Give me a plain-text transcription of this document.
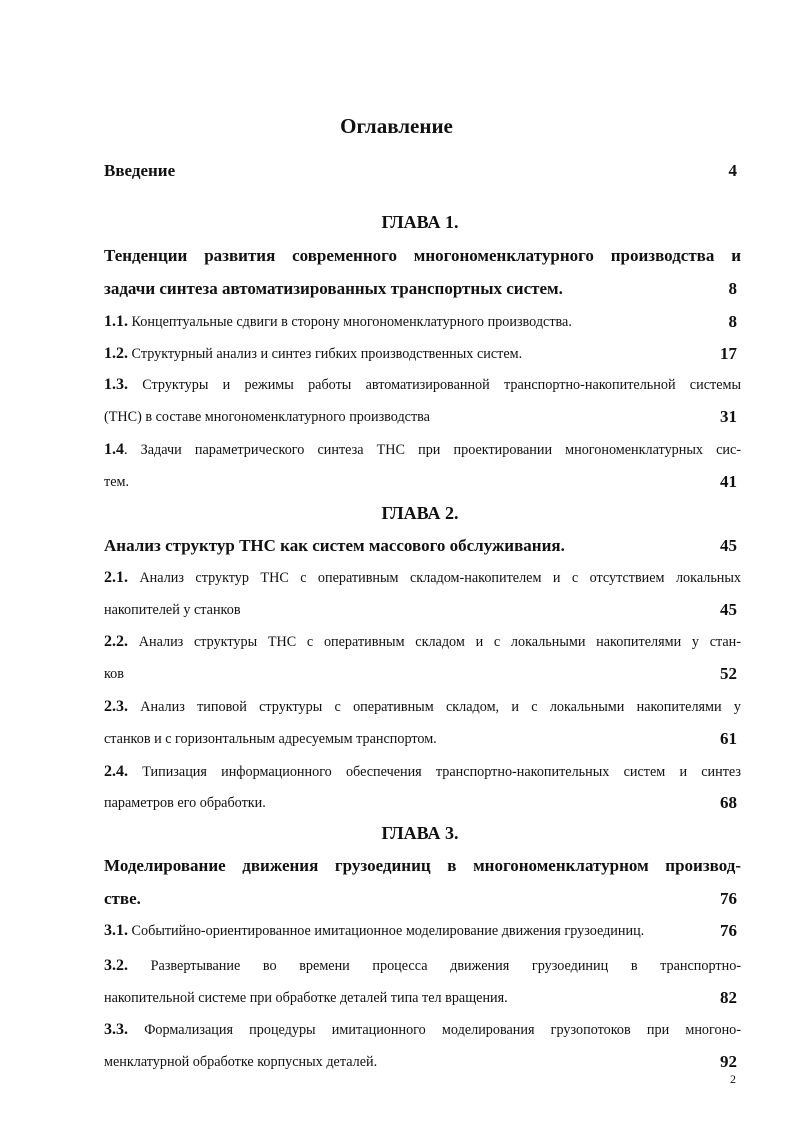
Оглавление
Введение	4
ГЛАВА 1.
Тенденции развития современного многономенклатурного производства и
задачи синтеза автоматизированных транспортных систем.	8
1.1. Концептуальные сдвиги в сторону многономенклатурного производства.	8
1.2. Структурный анализ и синтез гибких производственных систем.	17
1.3. Структуры и режимы работы автоматизированной транспортно-накопительной системы
(ТНС) в составе многономенклатурного производства	31
1.4. Задачи параметрического синтеза ТНС при проектировании многономенклатурных сис-
тем.	41
ГЛАВА 2.
Анализ структур ТНС как систем массового обслуживания.	45
2.1. Анализ структур ТНС с оперативным складом-накопителем и с отсутствием локальных
накопителей у станков	45
2.2. Анализ структуры ТНС с оперативным складом и с локальными накопителями у стан-
ков	52
2.3. Анализ типовой структуры с оперативным складом, и с локальными накопителями у
станков и с горизонтальным адресуемым транспортом.	61
2.4. Типизация информационного обеспечения транспортно-накопительных систем и синтез
параметров его обработки.	68
ГЛАВА 3.
Моделирование движения грузоединиц в многономенклатурном производ-
стве.	76
3.1. Событийно-ориентированное имитационное моделирование движения грузоединиц.	76
3.2. Развертывание во времени процесса движения грузоединиц в транспортно-
накопительной системе при обработке деталей типа тел вращения.	82
3.3. Формализация процедуры имитационного моделирования грузопотоков при многоно-
менклатурной обработке корпусных деталей.	92
2
